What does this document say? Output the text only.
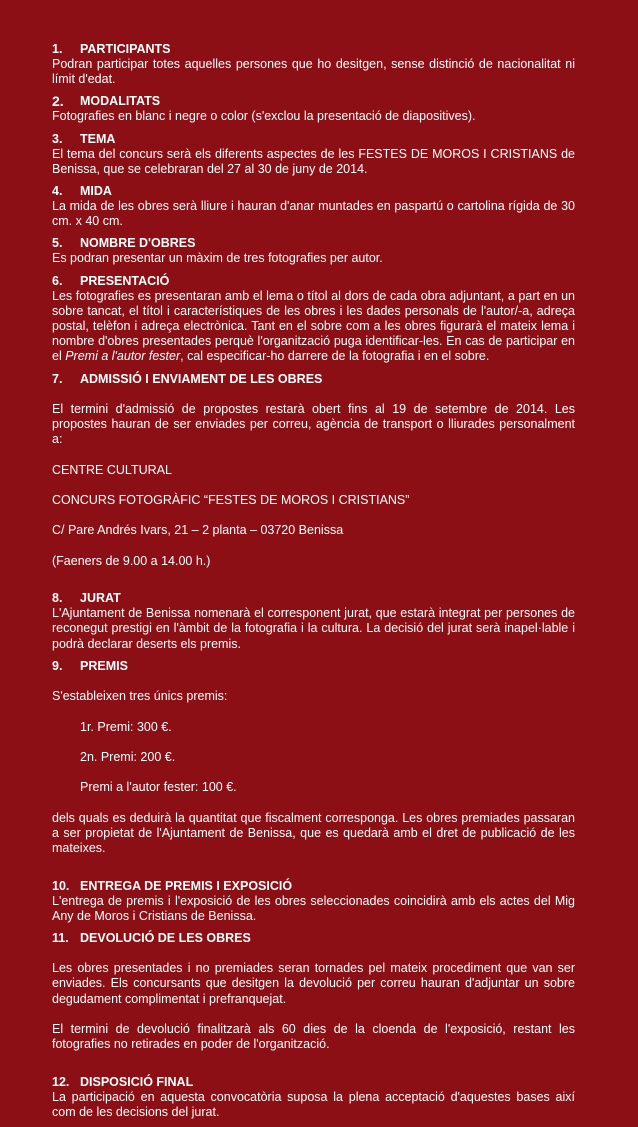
1.	PARTICIPANTS
Podran participar totes aquelles persones que ho desitgen, sense distinció de nacionalitat ni límit d'edat.
2.	MODALITATS
Fotografies en blanc i negre o color (s'exclou la presentació de diapositives).
3.	TEMA
El tema del concurs serà els diferents aspectes de les FESTES DE MOROS I CRISTIANS de Benissa, que se celebraran del 27 al 30 de juny de 2014.
4.	MIDA
La mida de les obres serà lliure i hauran d'anar muntades en paspartú o cartolina rígida de 30 cm. x 40 cm.
5.	NOMBRE D'OBRES
Es podran presentar un màxim de tres fotografies per autor.
6.	PRESENTACIÓ
Les fotografies es presentaran amb el lema o títol al dors de cada obra adjuntant, a part en un sobre tancat, el títol i característiques de les obres i les dades personals de l'autor/-a, adreça postal, telèfon i adreça electrònica. Tant en el sobre com a les obres figurarà el mateix lema i nombre d'obres presentades perquè l'organització puga identificar-les. En cas de participar en el Premi a l'autor fester, cal especificar-ho darrere de la fotografia i en el sobre.
7.	ADMISSIÓ I ENVIAMENT DE LES OBRES

El termini d'admissió de propostes restarà obert fins al 19 de setembre de 2014. Les propostes hauran de ser enviades per correu, agència de transport o lliurades personalment a:

CENTRE CULTURAL

CONCURS FOTOGRÀFIC “FESTES DE MOROS I CRISTIANS”

C/ Pare Andrés Ivars, 21 – 2 planta – 03720 Benissa

(Faeners de 9.00 a 14.00 h.)

8.	JURAT
L'Ajuntament de Benissa nomenarà el corresponent jurat, que estarà integrat per persones de reconegut prestigi en l'àmbit de la fotografia i la cultura. La decisió del jurat serà inapel·lable i podrà declarar deserts els premis.
9.	PREMIS

S'estableixen tres únics premis:

1r. Premi: 300 €.

2n. Premi: 200 €.

Premi a l'autor fester: 100 €.

dels quals es deduirà la quantitat que fiscalment corresponga. Les obres premiades passaran a ser propietat de l'Ajuntament de Benissa, que es quedarà amb el dret de publicació de les mateixes.

10. ENTREGA DE PREMIS I EXPOSICIÓ
L'entrega de premis i l'exposició de les obres seleccionades coincidirà amb els actes del Mig Any de Moros i Cristians de Benissa.
11. DEVOLUCIÓ DE LES OBRES

Les obres presentades i no premiades seran tornades pel mateix procediment que van ser enviades. Els concursants que desitgen la devolució per correu hauran d'adjuntar un sobre degudament complimentat i prefranquejat.

El termini de devolució finalitzarà als 60 dies de la cloenda de l'exposició, restant les fotografies no retirades en poder de l'organització.

12. DISPOSICIÓ FINAL
La participació en aquesta convocatòria suposa la plena acceptació d'aquestes bases així com de les decisions del jurat.
